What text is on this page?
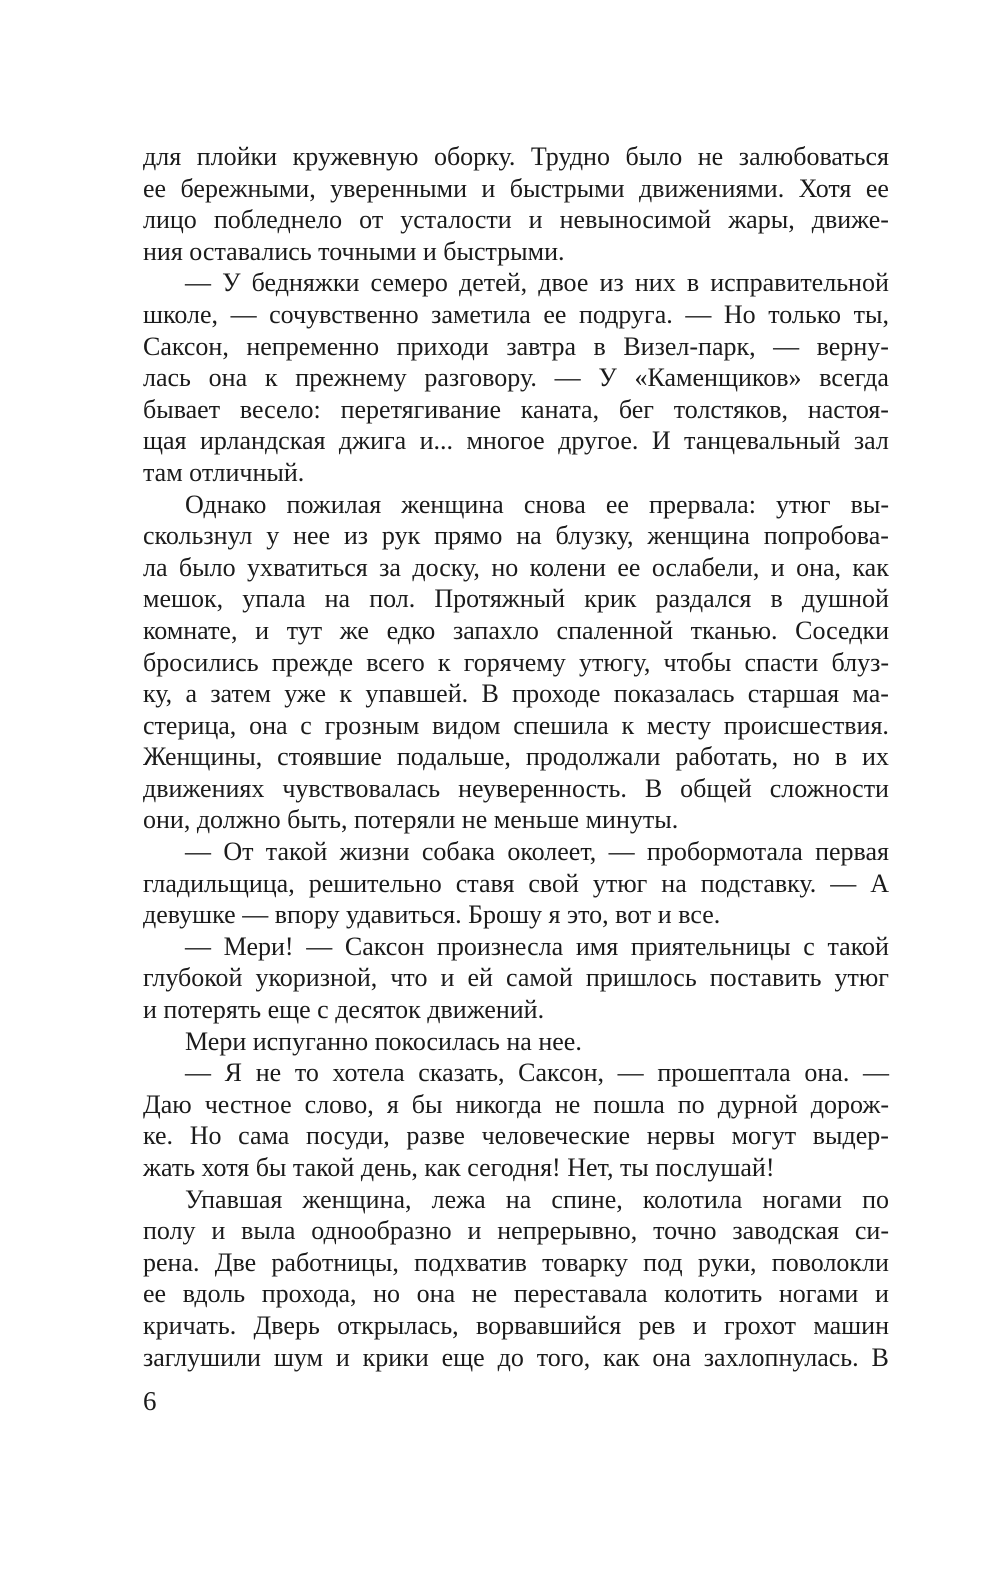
для плойки кружевную оборку. Трудно было не залюбоваться
ее бережными, уверенными и быстрыми движениями. Хотя ее
лицо побледнело от усталости и невыносимой жары, движе-
ния оставались точными и быстрыми.
— У бедняжки семеро детей, двое из них в исправительной
школе, — сочувственно заметила ее подруга. — Но только ты,
Саксон, непременно приходи завтра в Визел-парк, — верну-
лась она к прежнему разговору. — У «Каменщиков» всегда
бывает весело: перетягивание каната, бег толстяков, настоя-
щая ирландская джига и... многое другое. И танцевальный зал
там отличный.
Однако пожилая женщина снова ее прервала: утюг вы-
скользнул у нее из рук прямо на блузку, женщина попробова-
ла было ухватиться за доску, но колени ее ослабели, и она, как
мешок, упала на пол. Протяжный крик раздался в душной
комнате, и тут же едко запахло спаленной тканью. Соседки
бросились прежде всего к горячему утюгу, чтобы спасти блуз-
ку, а затем уже к упавшей. В проходе показалась старшая ма-
стерица, она с грозным видом спешила к месту происшествия.
Женщины, стоявшие подальше, продолжали работать, но в их
движениях чувствовалась неуверенность. В общей сложности
они, должно быть, потеряли не меньше минуты.
— От такой жизни собака околеет, — пробормотала первая
гладильщица, решительно ставя свой утюг на подставку. — А
девушке — впору удавиться. Брошу я это, вот и все.
— Мери! — Саксон произнесла имя приятельницы с такой
глубокой укоризной, что и ей самой пришлось поставить утюг
и потерять еще с десяток движений.
Мери испуганно покосилась на нее.
— Я не то хотела сказать, Саксон, — прошептала она. —
Даю честное слово, я бы никогда не пошла по дурной дорож-
ке. Но сама посуди, разве человеческие нервы могут выдер-
жать хотя бы такой день, как сегодня! Нет, ты послушай!
Упавшая женщина, лежа на спине, колотила ногами по
полу и выла однообразно и непрерывно, точно заводская си-
рена. Две работницы, подхватив товарку под руки, поволокли
ее вдоль прохода, но она не переставала колотить ногами и
кричать. Дверь открылась, ворвавшийся рев и грохот машин
заглушили шум и крики еще до того, как она захлопнулась. В
6
